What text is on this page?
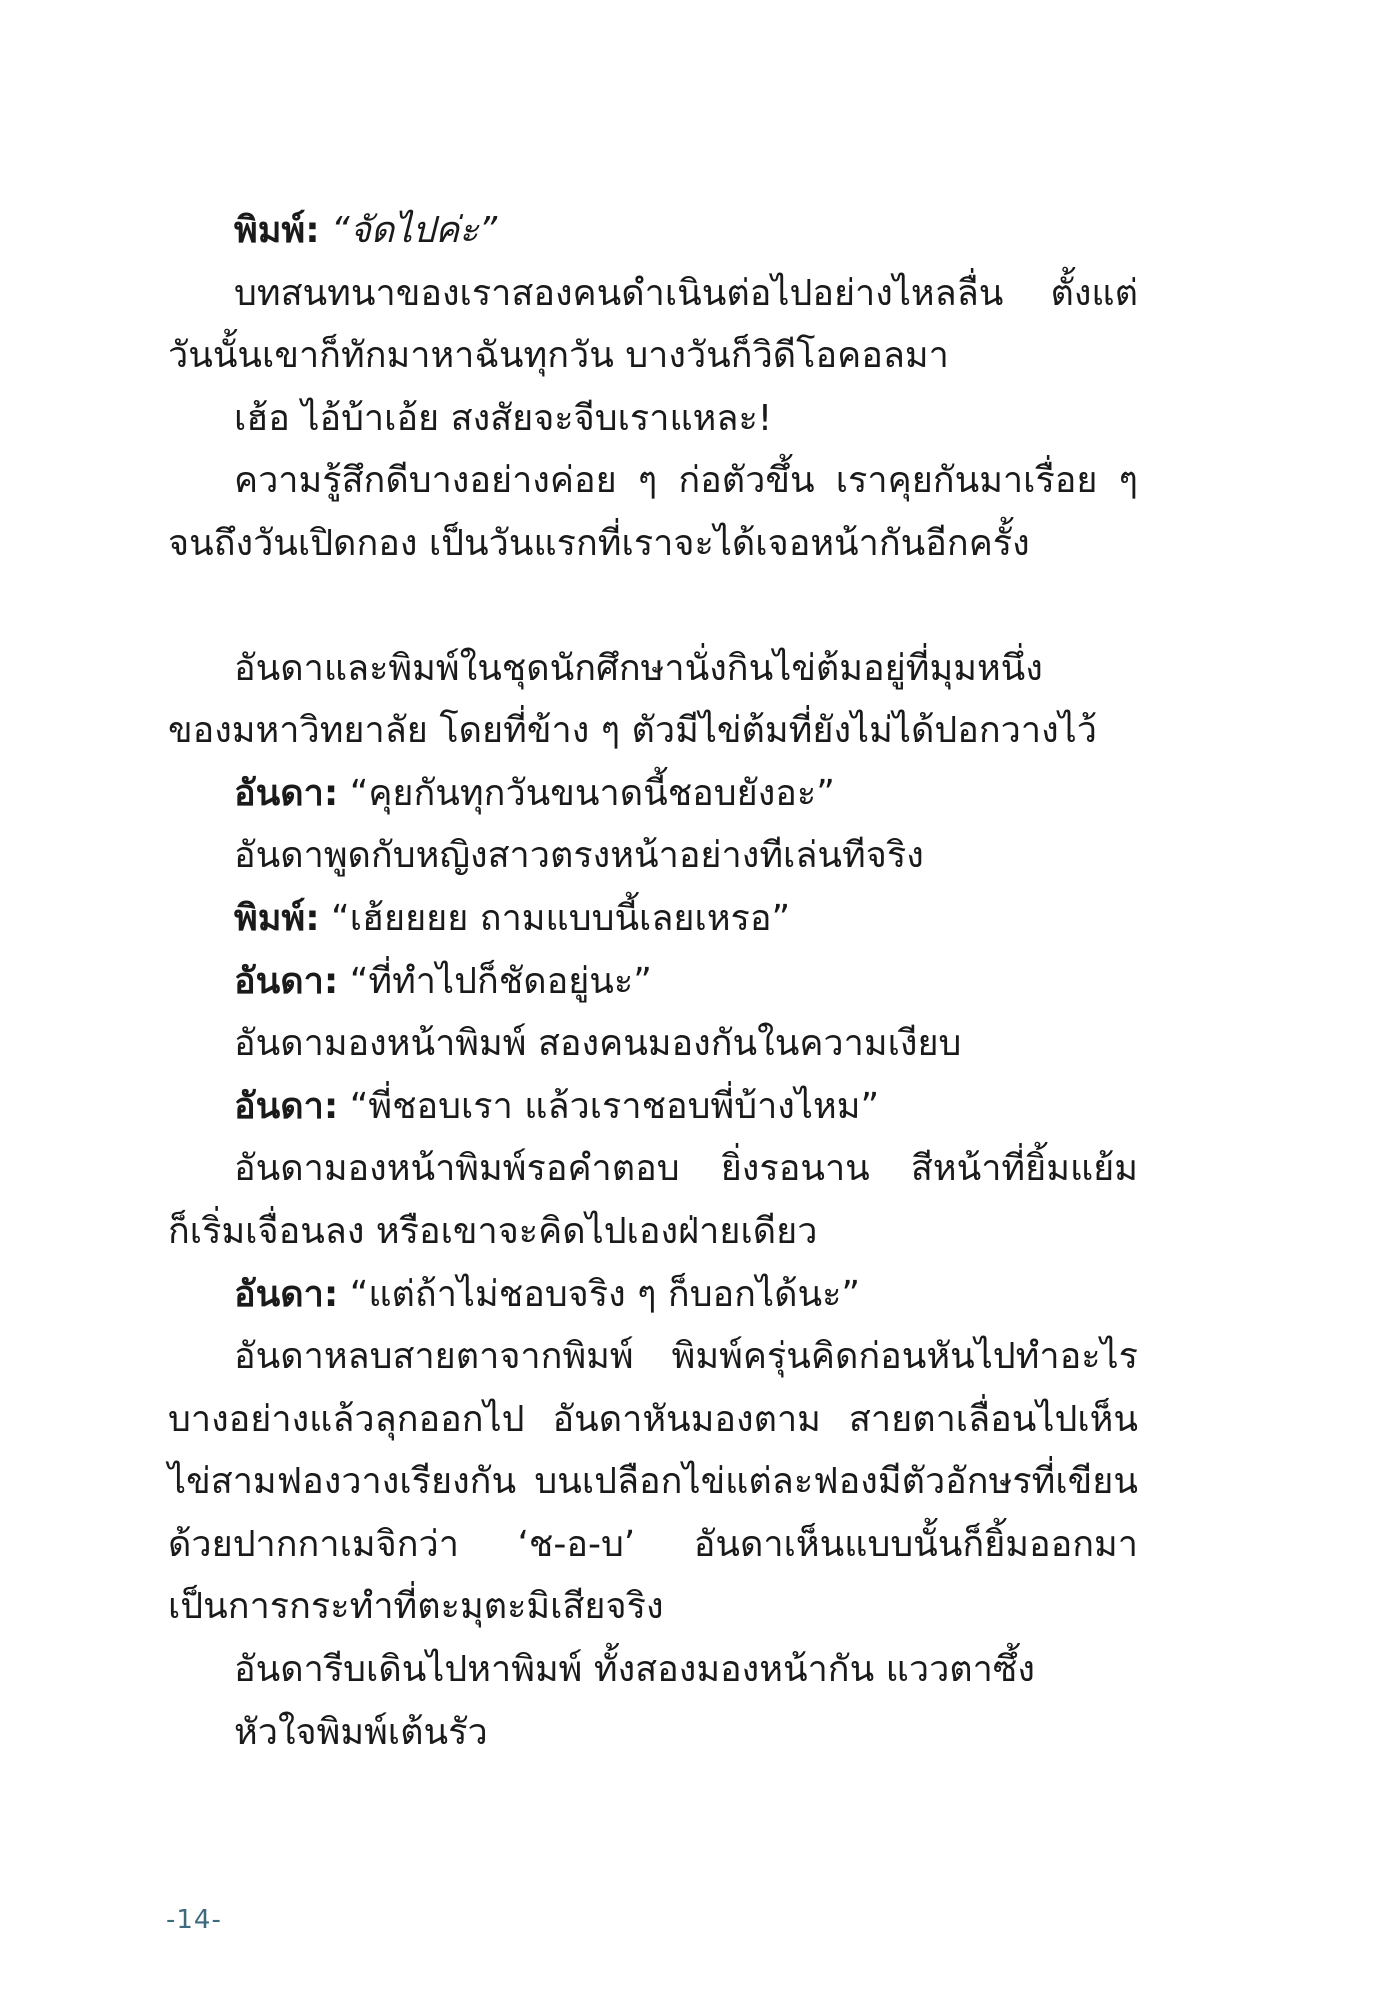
พิมพ์: “จัดไปค่ะ”
บทสนทนาของเราสองคนดำเนินต่อไปอย่างไหลลื่น ตั้งแต่
วันนั้นเขาก็ทักมาหาฉันทุกวัน บางวันก็วิดีโอคอลมา
เฮ้อ ไอ้บ้าเอ้ย สงสัยจะจีบเราแหละ!
ความรู้สึกดีบางอย่างค่อย ๆ ก่อตัวขึ้น เราคุยกันมาเรื่อย ๆ
จนถึงวันเปิดกอง เป็นวันแรกที่เราจะได้เจอหน้ากันอีกครั้ง
อันดาและพิมพ์ในชุดนักศึกษานั่งกินไข่ต้มอยู่ที่มุมหนึ่ง
ของมหาวิทยาลัย โดยที่ข้าง ๆ ตัวมีไข่ต้มที่ยังไม่ได้ปอกวางไว้
อันดา: “คุยกันทุกวันขนาดนี้ชอบยังอะ”
อันดาพูดกับหญิงสาวตรงหน้าอย่างทีเล่นทีจริง
พิมพ์: “เฮ้ยยยย ถามแบบนี้เลยเหรอ”
อันดา: “ที่ทำไปก็ชัดอยู่นะ”
อันดามองหน้าพิมพ์ สองคนมองกันในความเงียบ
อันดา: “พี่ชอบเรา แล้วเราชอบพี่บ้างไหม”
อันดามองหน้าพิมพ์รอคำตอบ ยิ่งรอนาน สีหน้าที่ยิ้มแย้ม
ก็เริ่มเจื่อนลง หรือเขาจะคิดไปเองฝ่ายเดียว
อันดา: “แต่ถ้าไม่ชอบจริง ๆ ก็บอกได้นะ”
อันดาหลบสายตาจากพิมพ์ พิมพ์ครุ่นคิดก่อนหันไปทำอะไร
บางอย่างแล้วลุกออกไป อันดาหันมองตาม สายตาเลื่อนไปเห็น
ไข่สามฟองวางเรียงกัน บนเปลือกไข่แต่ละฟองมีตัวอักษรที่เขียน
ด้วยปากกาเมจิกว่า ‘ช-อ-บ’ อันดาเห็นแบบนั้นก็ยิ้มออกมา
เป็นการกระทำที่ตะมุตะมิเสียจริง
อันดารีบเดินไปหาพิมพ์ ทั้งสองมองหน้ากัน แววตาซึ้ง
หัวใจพิมพ์เต้นรัว
-14-
